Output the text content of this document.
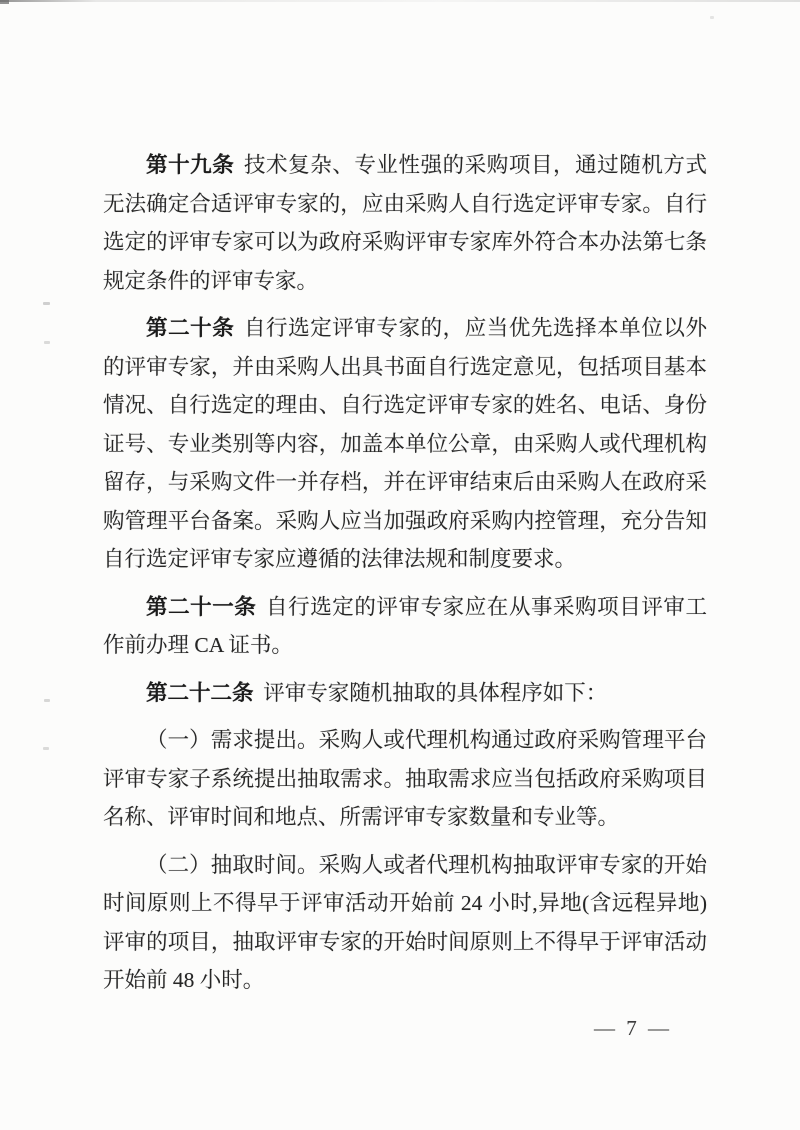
第十九条 技术复杂、专业性强的采购项目，通过随机方式无法确定合适评审专家的，应由采购人自行选定评审专家。自行选定的评审专家可以为政府采购评审专家库外符合本办法第七条规定条件的评审专家。

第二十条 自行选定评审专家的，应当优先选择本单位以外的评审专家，并由采购人出具书面自行选定意见，包括项目基本情况、自行选定的理由、自行选定评审专家的姓名、电话、身份证号、专业类别等内容，加盖本单位公章，由采购人或代理机构留存，与采购文件一并存档，并在评审结束后由采购人在政府采购管理平台备案。采购人应当加强政府采购内控管理，充分告知自行选定评审专家应遵循的法律法规和制度要求。

第二十一条 自行选定的评审专家应在从事采购项目评审工作前办理 CA 证书。

第二十二条 评审专家随机抽取的具体程序如下：

（一）需求提出。采购人或代理机构通过政府采购管理平台评审专家子系统提出抽取需求。抽取需求应当包括政府采购项目名称、评审时间和地点、所需评审专家数量和专业等。

（二）抽取时间。采购人或者代理机构抽取评审专家的开始时间原则上不得早于评审活动开始前 24 小时,异地(含远程异地)评审的项目，抽取评审专家的开始时间原则上不得早于评审活动开始前 48 小时。

— 7 —
